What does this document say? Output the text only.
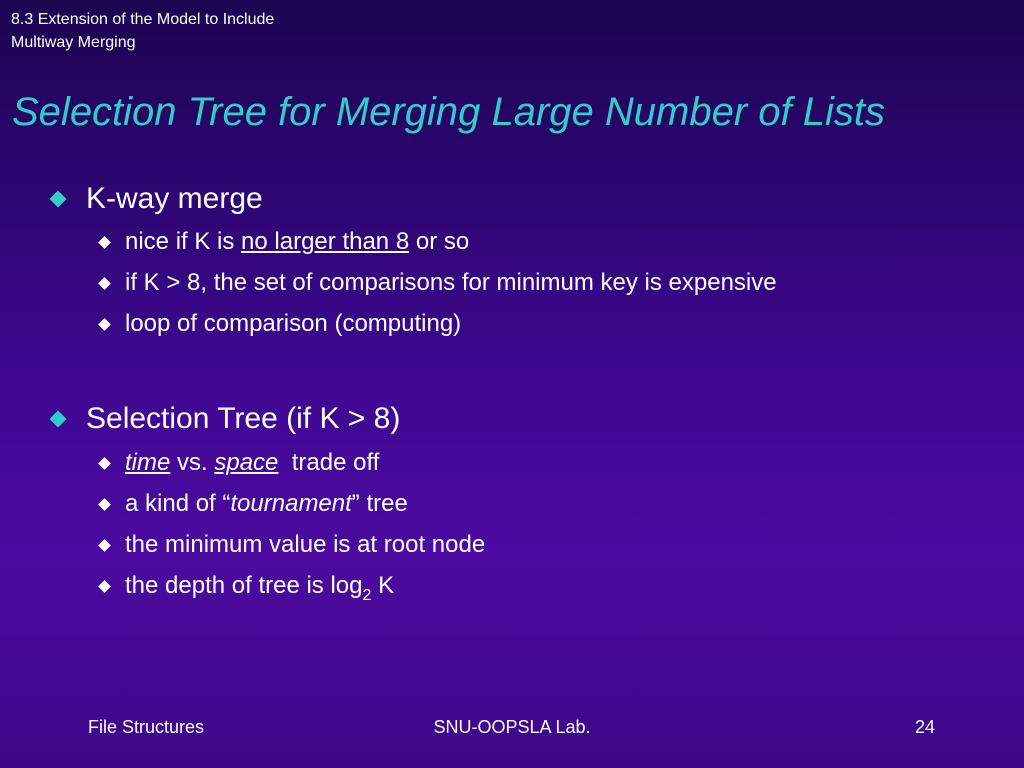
8.3 Extension of the Model to Include
Multiway Merging
Selection Tree for Merging Large Number of Lists
K-way merge
nice if K is no larger than 8 or so
if K > 8, the set of comparisons for minimum key is expensive
loop of comparison (computing)
Selection Tree (if K > 8)
time vs. space  trade off
a kind of “tournament” tree
the minimum value is at root node
the depth of tree is $\log_2 K$
File Structures	SNU-OOPSLA Lab.	24
